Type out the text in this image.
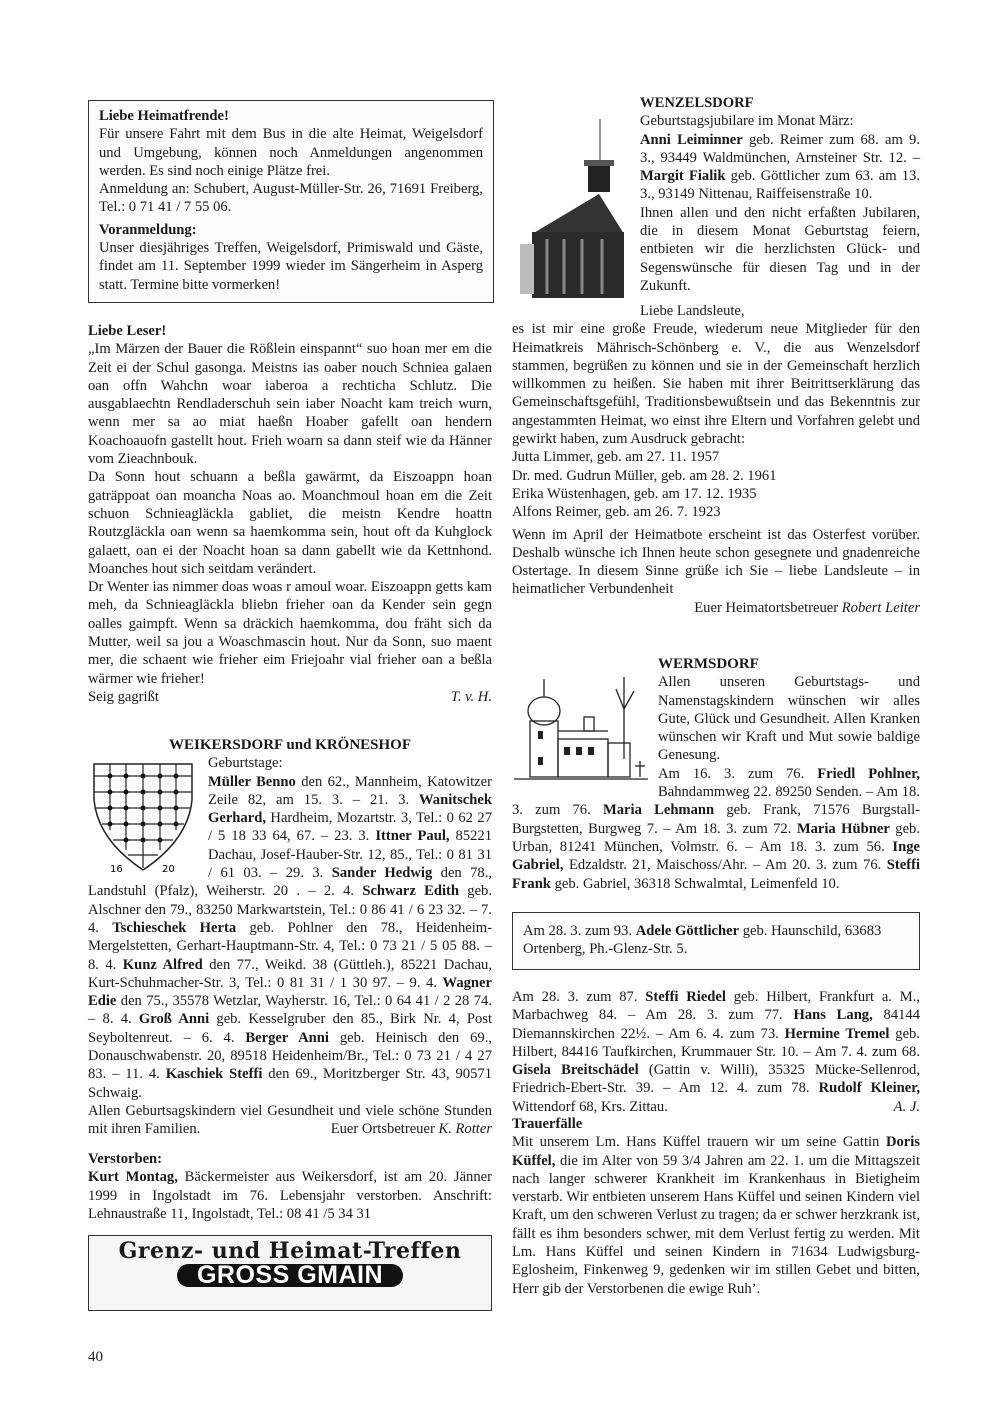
Liebe Heimatfrende!

Für unsere Fahrt mit dem Bus in die alte Heimat, Weigelsdorf und Umgebung, können noch Anmeldungen angenommen werden. Es sind noch einige Plätze frei.

Anmeldung an: Schubert, August-Müller-Str. 26, 71691 Freiberg, Tel.: 0 71 41 / 7 55 06.

Voranmeldung:

Unser diesjähriges Treffen, Weigelsdorf, Primiswald und Gäste, findet am 11. September 1999 wieder im Sängerheim in Asperg statt. Termine bitte vormerken!

Liebe Leser!

„Im Märzen der Bauer die Rößlein einspannt“ suo hoan mer em die Zeit ei der Schul gasonga. Meistns ias oaber nouch Schniea galaen oan offn Wahchn woar iaberoa a rechticha Schlutz. Die ausgablaechtn Rendladerschuh sein iaber Noacht kam treich wurn, wenn mer sa ao miat haeßn Hoaber gafellt oan hendern Koachoauofn gastellt hout. Frieh woarn sa dann steif wie da Hänner vom Zieachnbouk.

Da Sonn hout schuann a beßla gawärmt, da Eiszoappn hoan gaträppoat oan moancha Noas ao. Moanchmoul hoan em die Zeit schuon Schnieagläckla gabliet, die meistn Kendre hoattn Routzgläckla oan wenn sa haemkomma sein, hout oft da Kuhglock galaett, oan ei der Noacht hoan sa dann gabellt wie da Kettnhond. Moanches hout sich seitdam verändert.

Dr Wenter ias nimmer doas woas r amoul woar. Eiszoappn getts kam meh, da Schnieagläckla bliebn frieher oan da Kender sein gegn oalles gaimpft. Wenn sa dräckich haemkomma, dou fräht sich da Mutter, weil sa jou a Woaschmascin hout. Nur da Sonn, suo maent mer, die schaent wie frieher eim Friejoahr vial frieher oan a beßla wärmer wie frieher!

Seig gagrißt	T. v. H.
WEIKERSDORF und KRÖNESHOF
16	20
Geburtstage:

Müller Benno den 62., Mannheim, Katowitzer Zeile 82, am 15. 3. – 21. 3. Wanitschek Gerhard, Hardheim, Mozartstr. 3, Tel.: 0 62 27 / 5 18 33 64, 67. – 23. 3. Ittner Paul, 85221 Dachau, Josef-Hauber-Str. 12, 85., Tel.: 0 81 31 / 61 03. – 29. 3. Sander Hedwig den 78., Landstuhl (Pfalz), Weiherstr. 20 . – 2. 4. Schwarz Edith geb. Alschner den 79., 83250 Markwartstein, Tel.: 0 86 41 / 6 23 32. – 7. 4. Tschieschek Herta geb. Pohlner den 78., Heidenheim-Mergelstetten, Gerhart-Hauptmann-Str. 4, Tel.: 0 73 21 / 5 05 88. – 8. 4. Kunz Alfred den 77., Weikd. 38 (Güttleh.), 85221 Dachau, Kurt-Schuhmacher-Str. 3, Tel.: 0 81 31 / 1 30 97. – 9. 4. Wagner Edie den 75., 35578 Wetzlar, Wayherstr. 16, Tel.: 0 64 41 / 2 28 74. – 8. 4. Groß Anni geb. Kesselgruber den 85., Birk Nr. 4, Post Seyboltenreut. – 6. 4. Berger Anni geb. Heinisch den 69., Donauschwabenstr. 20, 89518 Heidenheim/Br., Tel.: 0 73 21 / 4 27 83. – 11. 4. Kaschiek Steffi den 69., Moritzberger Str. 43, 90571 Schwaig.

Allen Geburtsagskindern viel Gesundheit und viele schöne Stunden mit ihren Familien.	Euer Ortsbetreuer K. Rotter
Verstorben:

Kurt Montag, Bäckermeister aus Weikersdorf, ist am 20. Jänner 1999 in Ingolstadt im 76. Lebensjahr verstorben. Anschrift: Lehnaustraße 11, Ingolstadt, Tel.: 08 41 /5 34 31

Grenz- und Heimat-Treffen
GROSS GMAIN
40
WENZELSDORF
Geburtstagsjubilare im Monat März:

Anni Leiminner geb. Reimer zum 68. am 9. 3., 93449 Waldmünchen, Arnsteiner Str. 12. – Margit Fialik geb. Göttlicher zum 63. am 13. 3., 93149 Nittenau, Raiffeisenstraße 10.

Ihnen allen und den nicht erfaßten Jubilaren, die in diesem Monat Geburtstag feiern, entbieten wir die herzlichsten Glück- und Segenswünsche für diesen Tag und in der Zukunft.

Liebe Landsleute,

es ist mir eine große Freude, wiederum neue Mitglieder für den Heimatkreis Mährisch-Schönberg e. V., die aus Wenzelsdorf stammen, begrüßen zu können und sie in der Gemeinschaft herzlich willkommen zu heißen. Sie haben mit ihrer Beitrittserklärung das Gemeinschaftsgefühl, Traditionsbewußtsein und das Bekenntnis zur angestammten Heimat, wo einst ihre Eltern und Vorfahren gelebt und gewirkt haben, zum Ausdruck gebracht:

Jutta Limmer, geb. am 27. 11. 1957
Dr. med. Gudrun Müller, geb. am 28. 2. 1961
Erika Wüstenhagen, geb. am 17. 12. 1935
Alfons Reimer, geb. am 26. 7. 1923

Wenn im April der Heimatbote erscheint ist das Osterfest vorüber. Deshalb wünsche ich Ihnen heute schon gesegnete und gnadenreiche Ostertage. In diesem Sinne grüße ich Sie – liebe Landsleute – in heimatlicher Verbundenheit

Euer Heimatortsbetreuer Robert Leiter
WERMSDORF

Allen unseren Geburtstags- und Namenstagskindern wünschen wir alles Gute, Glück und Gesundheit. Allen Kranken wünschen wir Kraft und Mut sowie baldige Genesung.

Am 16. 3. zum 76. Friedl Pohlner, Bahndammweg 22. 89250 Senden. – Am 18. 3. zum 76. Maria Lehmann geb. Frank, 71576 Burgstall-Burgstetten, Burgweg 7. – Am 18. 3. zum 72. Maria Hübner geb. Urban, 81241 München, Volmstr. 6. – Am 18. 3. zum 56. Inge Gabriel, Edzaldstr. 21, Maischoss/Ahr. – Am 20. 3. zum 76. Steffi Frank geb. Gabriel, 36318 Schwalmtal, Leimenfeld 10.

Am 28. 3. zum 93. Adele Göttlicher geb. Haunschild, 63683 Ortenberg, Ph.-Glenz-Str. 5.

Am 28. 3. zum 87. Steffi Riedel geb. Hilbert, Frankfurt a. M., Marbachweg 84. – Am 28. 3. zum 77. Hans Lang, 84144 Diemannskirchen 22½. – Am 6. 4. zum 73. Hermine Tremel geb. Hilbert, 84416 Taufkirchen, Krummauer Str. 10. – Am 7. 4. zum 68. Gisela Breitschädel (Gattin v. Willi), 35325 Mücke-Sellenrod, Friedrich-Ebert-Str. 39. – Am 12. 4. zum 78. Rudolf Kleiner, Wittendorf 68, Krs. Zittau.	A. J.
Trauerfälle

Mit unserem Lm. Hans Küffel trauern wir um seine Gattin Doris Küffel, die im Alter von 59 3/4 Jahren am 22. 1. um die Mittagszeit nach langer schwerer Krankheit im Krankenhaus in Bietigheim verstarb. Wir entbieten unserem Hans Küffel und seinen Kindern viel Kraft, um den schweren Verlust zu tragen; da er schwer herzkrank ist, fällt es ihm besonders schwer, mit dem Verlust fertig zu werden. Mit Lm. Hans Küffel und seinen Kindern in 71634 Ludwigsburg-Eglosheim, Finkenweg 9, gedenken wir im stillen Gebet und bitten, Herr gib der Verstorbenen die ewige Ruh’.
